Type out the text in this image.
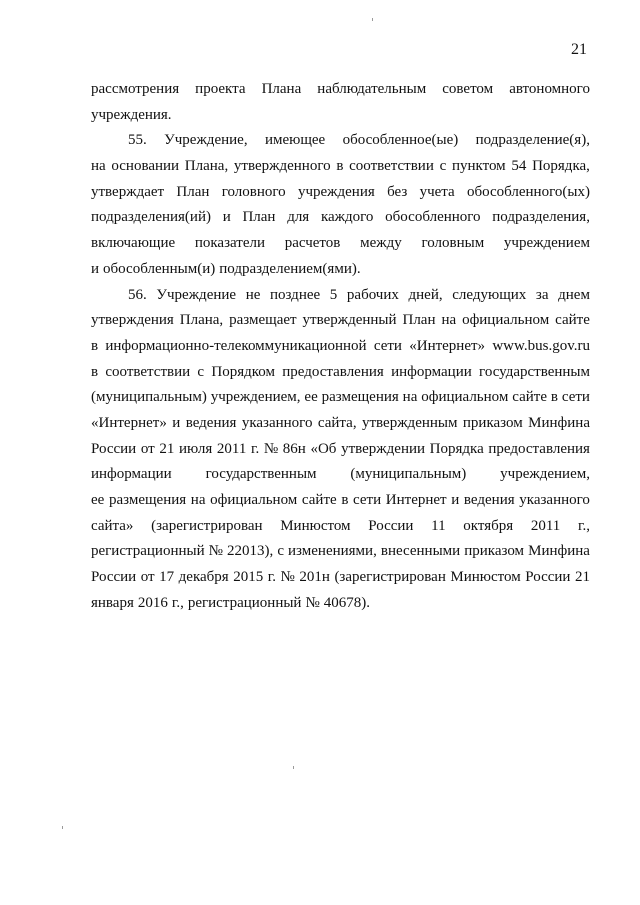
21
рассмотрения проекта Плана наблюдательным советом автономного
учреждения.
55. Учреждение, имеющее обособленное(ые) подразделение(я),
на основании Плана, утвержденного в соответствии с пунктом 54 Порядка,
утверждает План головного учреждения без учета обособленного(ых)
подразделения(ий) и План для каждого обособленного подразделения,
включающие показатели расчетов между головным учреждением
и обособленным(и) подразделением(ями).
56. Учреждение не позднее 5 рабочих дней, следующих за днем
утверждения Плана, размещает утвержденный План на официальном сайте
в информационно-телекоммуникационной сети «Интернет» www.bus.gov.ru
в соответствии с Порядком предоставления информации государственным
(муниципальным) учреждением, ее размещения на официальном сайте в сети
«Интернет» и ведения указанного сайта, утвержденным приказом Минфина
России от 21 июля 2011 г. № 86н «Об утверждении Порядка предоставления
информации государственным (муниципальным) учреждением,
ее размещения на официальном сайте в сети Интернет и ведения указанного
сайта» (зарегистрирован Минюстом России 11 октября 2011 г.,
регистрационный № 22013), с изменениями, внесенными приказом Минфина
России от 17 декабря 2015 г. № 201н (зарегистрирован Минюстом России 21
января 2016 г., регистрационный № 40678).
